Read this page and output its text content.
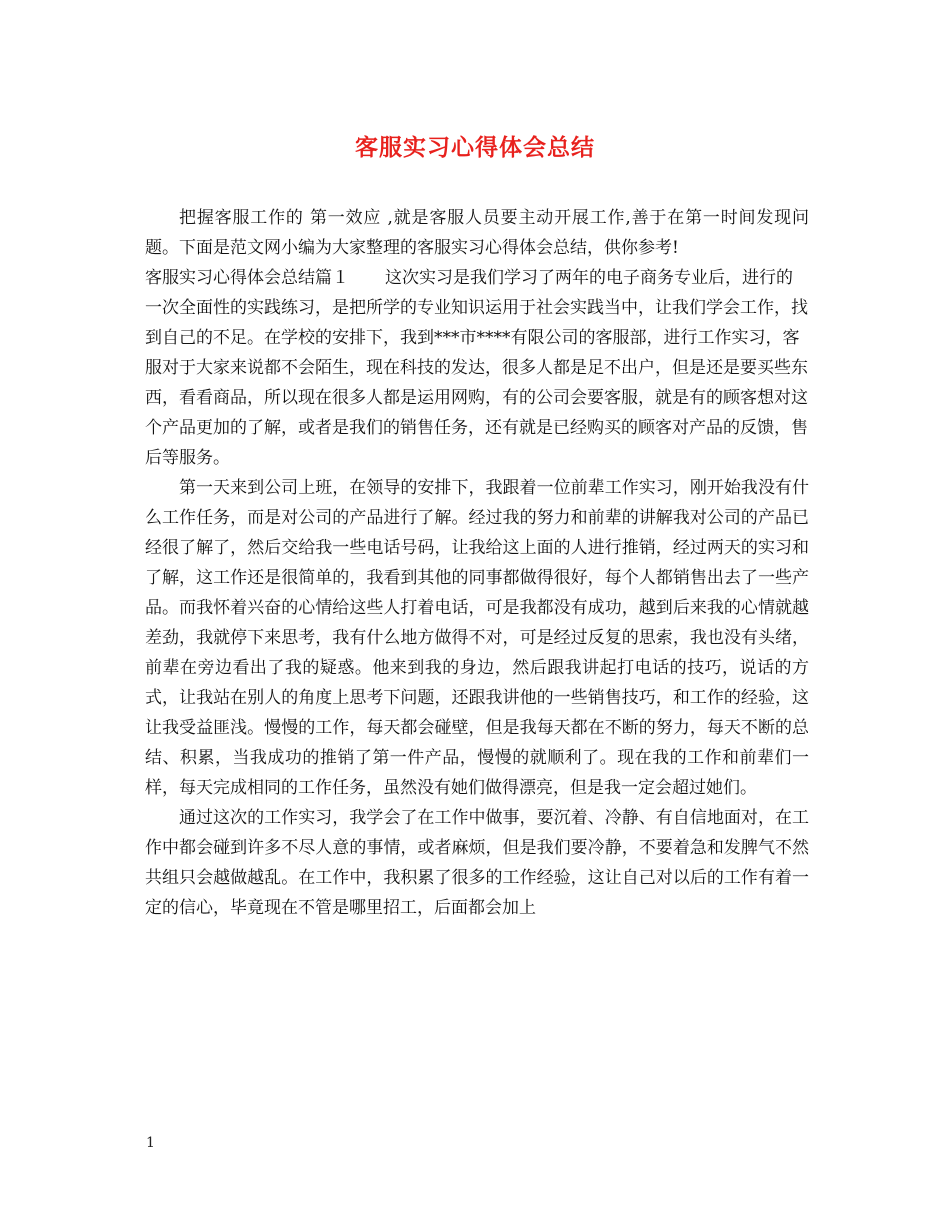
客服实习心得体会总结

把握客服工作的 第一效应 ,就是客服人员要主动开展工作,善于在第一时间发现问题。下面是范文网小编为大家整理的客服实习心得体会总结，供你参考!

客服实习心得体会总结篇１ 这次实习是我们学习了两年的电子商务专业后，进行的一次全面性的实践练习，是把所学的专业知识运用于社会实践当中，让我们学会工作，找到自己的不足。在学校的安排下，我到***市****有限公司的客服部，进行工作实习，客服对于大家来说都不会陌生，现在科技的发达，很多人都是足不出户，但是还是要买些东西，看看商品，所以现在很多人都是运用网购，有的公司会要客服，就是有的顾客想对这个产品更加的了解，或者是我们的销售任务，还有就是已经购买的顾客对产品的反馈，售后等服务。

第一天来到公司上班，在领导的安排下，我跟着一位前辈工作实习，刚开始我没有什么工作任务，而是对公司的产品进行了解。经过我的努力和前辈的讲解我对公司的产品已经很了解了，然后交给我一些电话号码，让我给这上面的人进行推销，经过两天的实习和了解，这工作还是很简单的，我看到其他的同事都做得很好，每个人都销售出去了一些产品。而我怀着兴奋的心情给这些人打着电话，可是我都没有成功，越到后来我的心情就越差劲，我就停下来思考，我有什么地方做得不对，可是经过反复的思索，我也没有头绪，前辈在旁边看出了我的疑惑。他来到我的身边，然后跟我讲起打电话的技巧，说话的方式，让我站在别人的角度上思考下问题，还跟我讲他的一些销售技巧，和工作的经验，这让我受益匪浅。慢慢的工作，每天都会碰壁，但是我每天都在不断的努力，每天不断的总结、积累，当我成功的推销了第一件产品，慢慢的就顺利了。现在我的工作和前辈们一样，每天完成相同的工作任务，虽然没有她们做得漂亮，但是我一定会超过她们。

通过这次的工作实习，我学会了在工作中做事，要沉着、冷静、有自信地面对，在工作中都会碰到许多不尽人意的事情，或者麻烦，但是我们要冷静，不要着急和发脾气不然共组只会越做越乱。在工作中，我积累了很多的工作经验，这让自己对以后的工作有着一定的信心，毕竟现在不管是哪里招工，后面都会加上

1
